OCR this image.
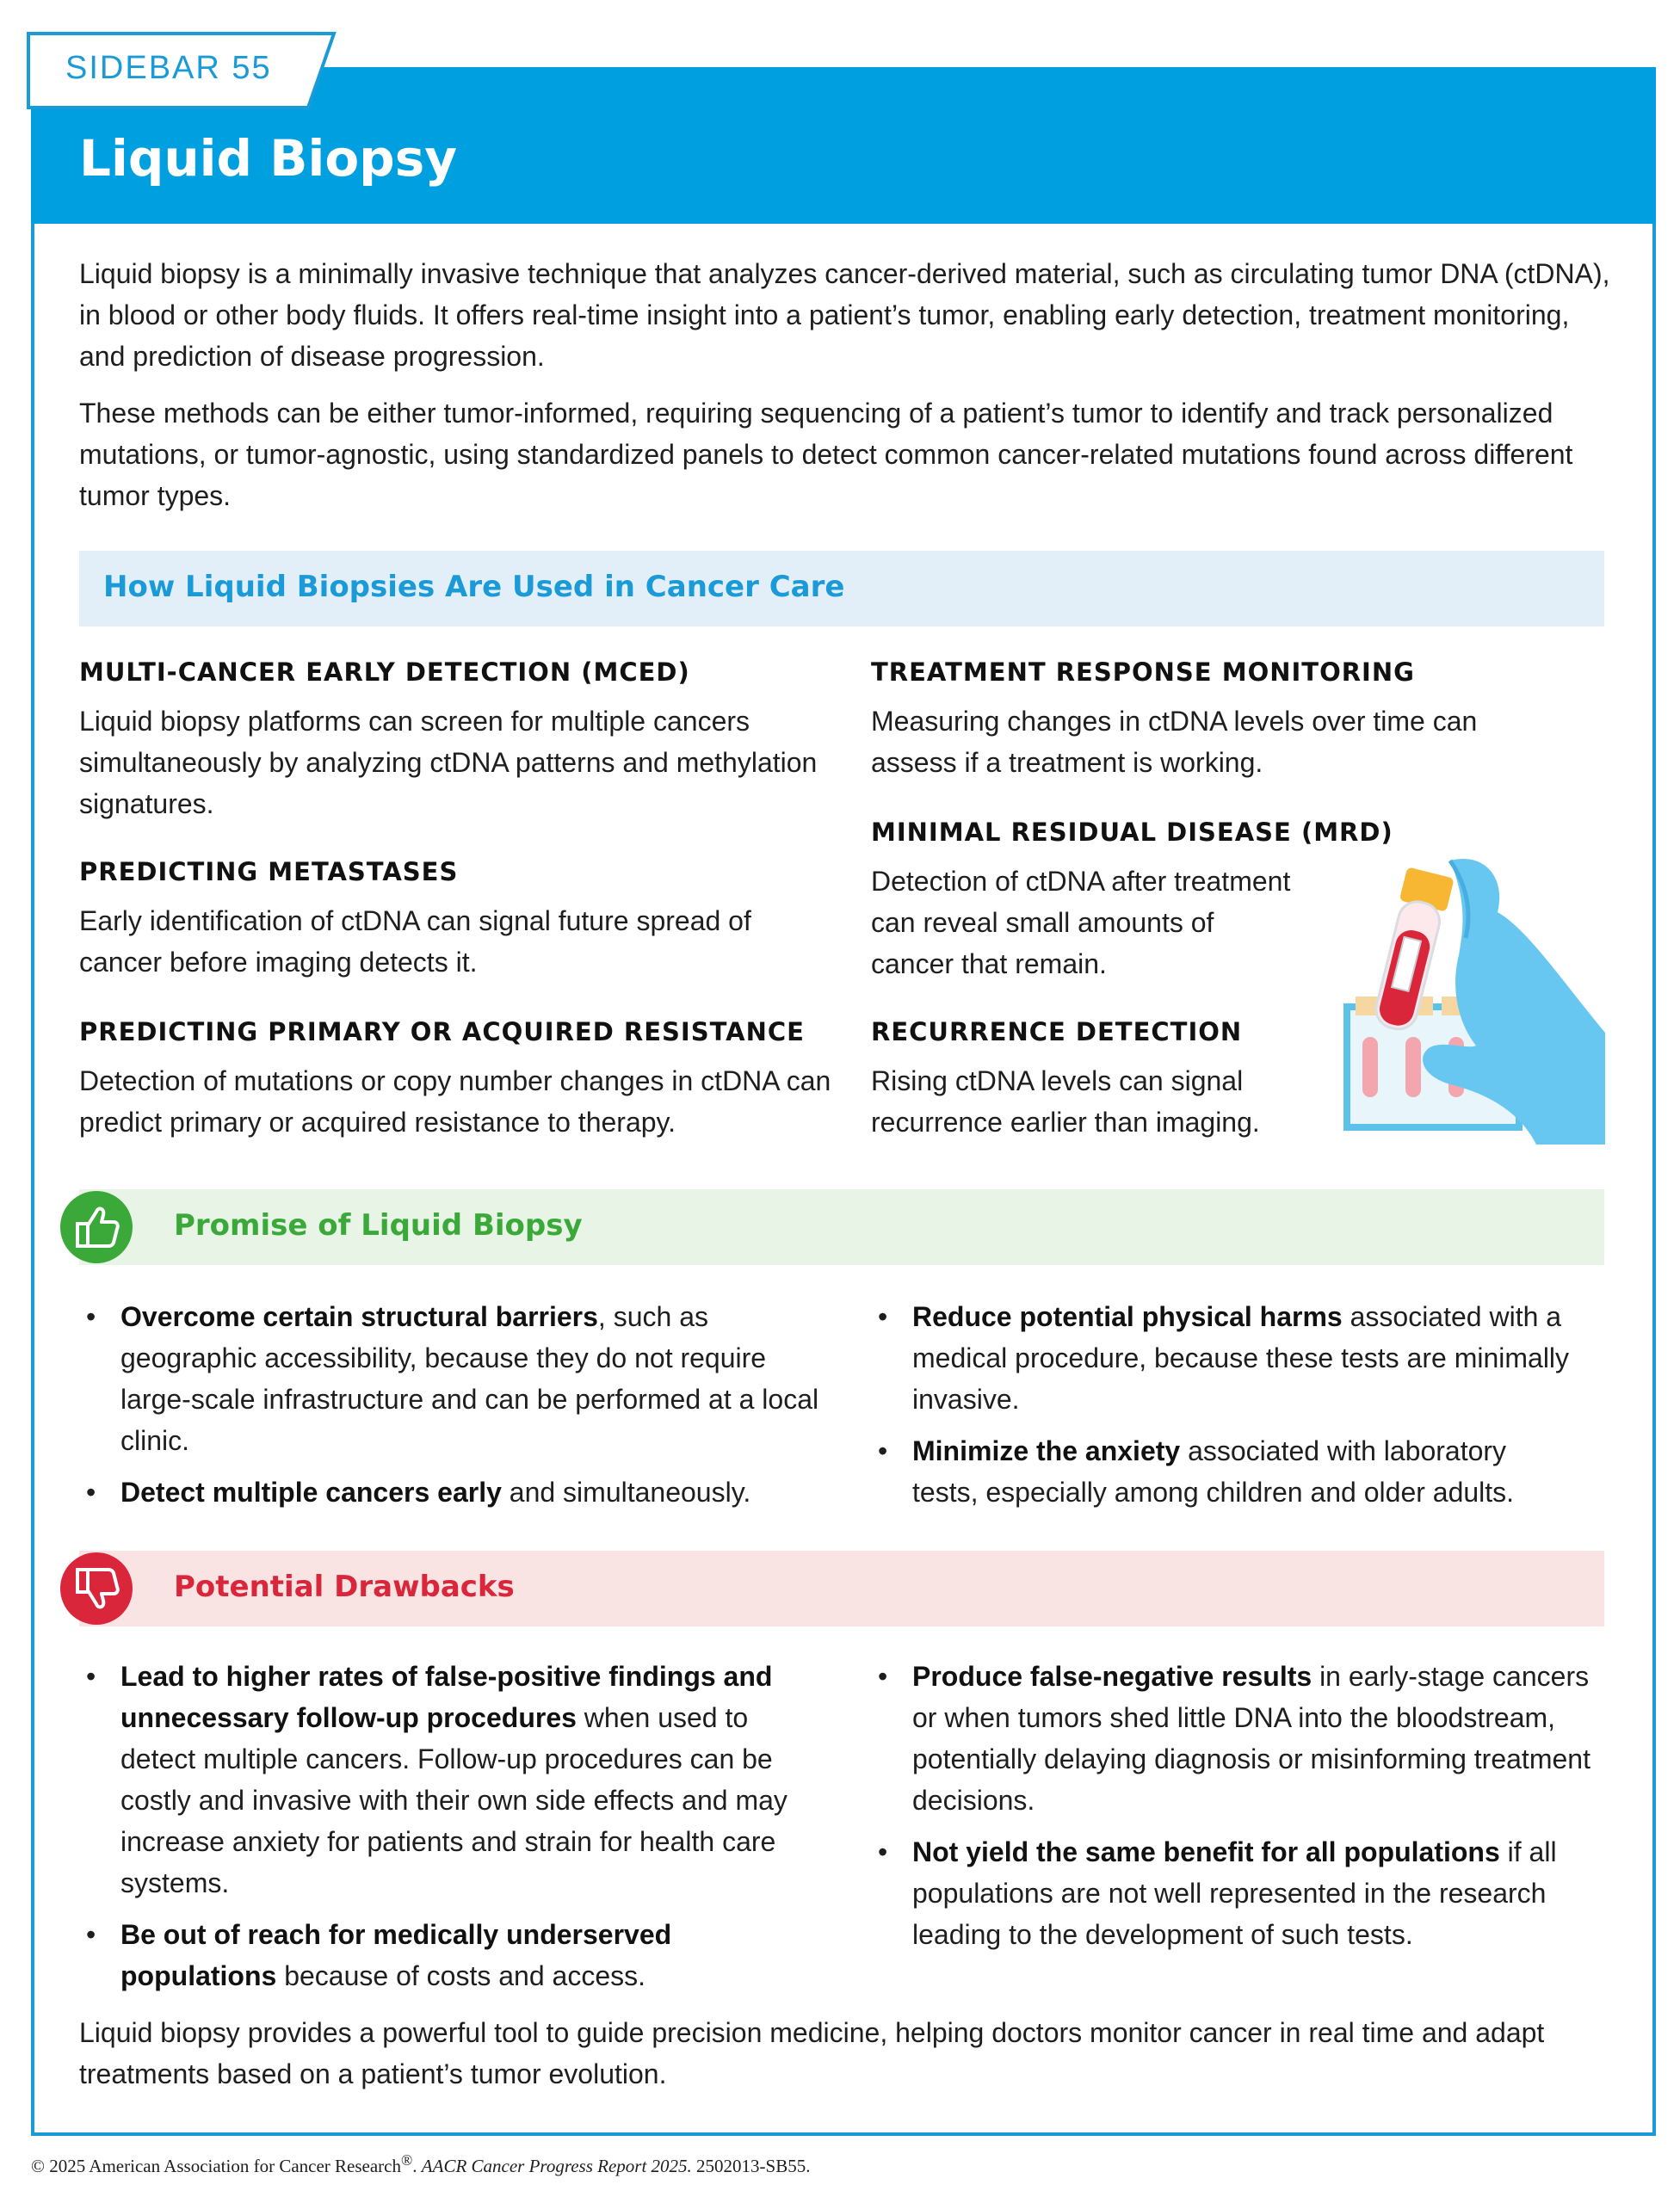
SIDEBAR 55
Liquid Biopsy

Liquid biopsy is a minimally invasive technique that analyzes cancer-derived material, such as circulating tumor DNA (ctDNA), in blood or other body fluids. It offers real-time insight into a patient’s tumor, enabling early detection, treatment monitoring, and prediction of disease progression.

These methods can be either tumor-informed, requiring sequencing of a patient’s tumor to identify and track personalized mutations, or tumor-agnostic, using standardized panels to detect common cancer-related mutations found across different tumor types.

How Liquid Biopsies Are Used in Cancer Care
MULTI-CANCER EARLY DETECTION (MCED)
Liquid biopsy platforms can screen for multiple cancers simultaneously by analyzing ctDNA patterns and methylation signatures.
PREDICTING METASTASES
Early identification of ctDNA can signal future spread of cancer before imaging detects it.
PREDICTING PRIMARY OR ACQUIRED RESISTANCE
Detection of mutations or copy number changes in ctDNA can predict primary or acquired resistance to therapy.
TREATMENT RESPONSE MONITORING
Measuring changes in ctDNA levels over time can assess if a treatment is working.
MINIMAL RESIDUAL DISEASE (MRD)
Detection of ctDNA after treatment can reveal small amounts of cancer that remain.
RECURRENCE DETECTION
Rising ctDNA levels can signal recurrence earlier than imaging.
Promise of Liquid Biopsy
• Overcome certain structural barriers, such as geographic accessibility, because they do not require large-scale infrastructure and can be performed at a local clinic.
• Detect multiple cancers early and simultaneously.
• Reduce potential physical harms associated with a medical procedure, because these tests are minimally invasive.
• Minimize the anxiety associated with laboratory tests, especially among children and older adults.
Potential Drawbacks
• Lead to higher rates of false-positive findings and unnecessary follow-up procedures when used to detect multiple cancers. Follow-up procedures can be costly and invasive with their own side effects and may increase anxiety for patients and strain for health care systems.
• Be out of reach for medically underserved populations because of costs and access.
• Produce false-negative results in early-stage cancers or when tumors shed little DNA into the bloodstream, potentially delaying diagnosis or misinforming treatment decisions.
• Not yield the same benefit for all populations if all populations are not well represented in the research leading to the development of such tests.

Liquid biopsy provides a powerful tool to guide precision medicine, helping doctors monitor cancer in real time and adapt treatments based on a patient’s tumor evolution.

© 2025 American Association for Cancer Research®. AACR Cancer Progress Report 2025. 2502013-SB55.
